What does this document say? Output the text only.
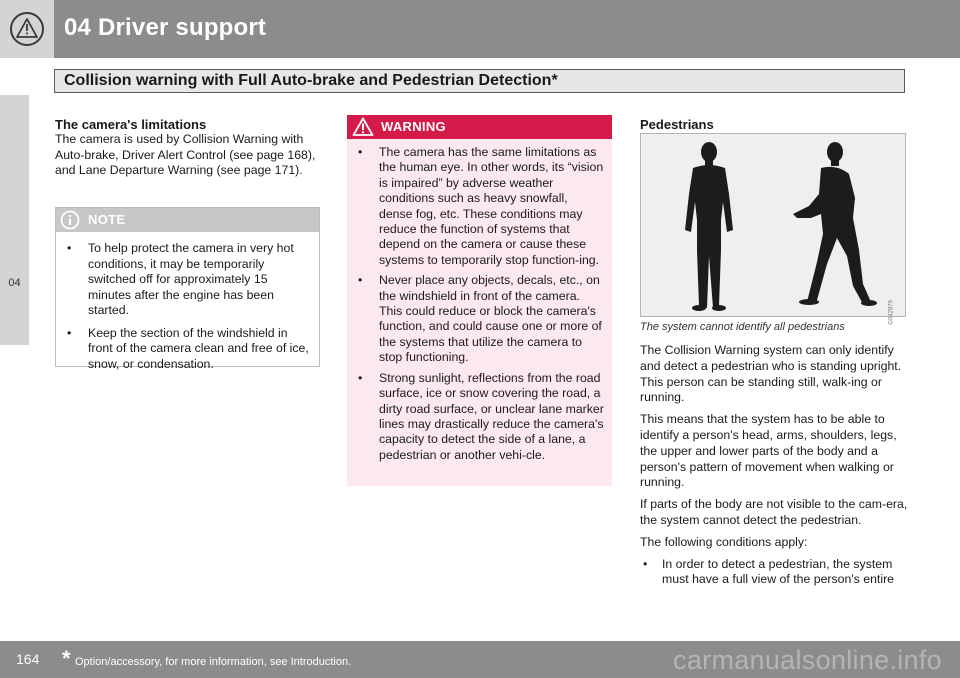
04 Driver support
Collision warning with Full Auto-brake and Pedestrian Detection*
04
The camera's limitations

The camera is used by Collision Warning with Auto-brake, Driver Alert Control (see page 168), and Lane Departure Warning (see page 171).

NOTE
• To help protect the camera in very hot conditions, it may be temporarily switched off for approximately 15 minutes after the engine has been started.
• Keep the section of the windshield in front of the camera clean and free of ice, snow, or condensation.
WARNING
• The camera has the same limitations as the human eye. In other words, its “vision is impaired” by adverse weather conditions such as heavy snowfall, dense fog, etc. These conditions may reduce the function of systems that depend on the camera or cause these systems to temporarily stop function-ing.
• Never place any objects, decals, etc., on the windshield in front of the camera. This could reduce or block the camera's function, and could cause one or more of the systems that utilize the camera to stop functioning.
• Strong sunlight, reflections from the road surface, ice or snow covering the road, a dirty road surface, or unclear lane marker lines may drastically reduce the camera's capacity to detect the side of a lane, a pedestrian or another vehi-cle.
Pedestrians
G042879
The system cannot identify all pedestrians

The Collision Warning system can only identify and detect a pedestrian who is standing upright. This person can be standing still, walk-ing or running.

This means that the system has to be able to identify a person's head, arms, shoulders, legs, the upper and lower parts of the body and a person's pattern of movement when walking or running.

If parts of the body are not visible to the cam-era, the system cannot detect the pedestrian.

The following conditions apply:

• In order to detect a pedestrian, the system must have a full view of the person's entire
164 * Option/accessory, for more information, see Introduction.	carmanualsonline.info
